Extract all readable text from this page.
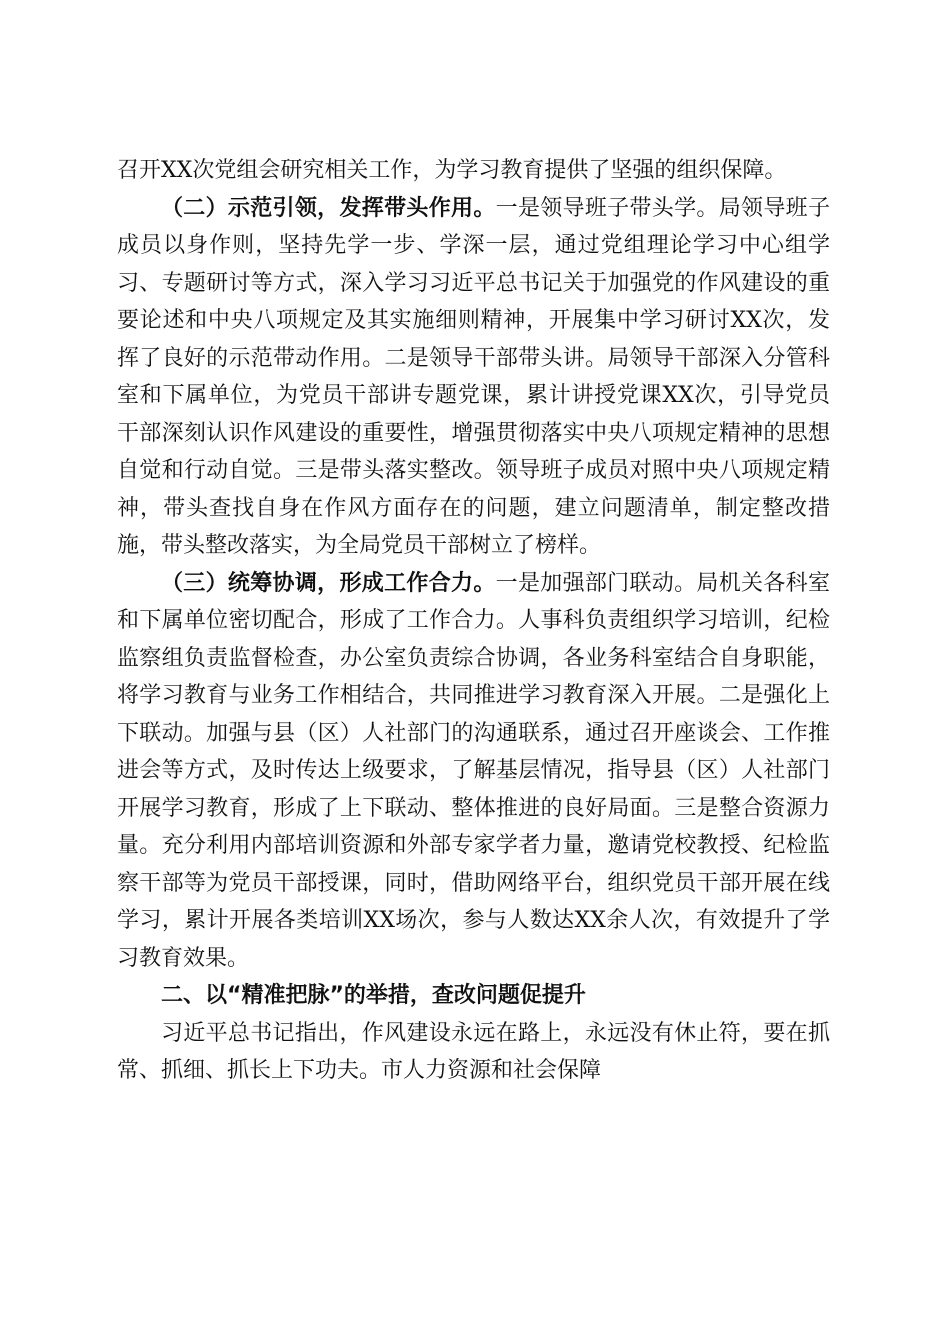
召开XX次党组会研究相关工作，为学习教育提供了坚强的组织保障。

（二）示范引领，发挥带头作用。一是领导班子带头学。局领导班子成员以身作则，坚持先学一步、学深一层，通过党组理论学习中心组学习、专题研讨等方式，深入学习习近平总书记关于加强党的作风建设的重要论述和中央八项规定及其实施细则精神，开展集中学习研讨XX次，发挥了良好的示范带动作用。二是领导干部带头讲。局领导干部深入分管科室和下属单位，为党员干部讲专题党课，累计讲授党课XX次，引导党员干部深刻认识作风建设的重要性，增强贯彻落实中央八项规定精神的思想自觉和行动自觉。三是带头落实整改。领导班子成员对照中央八项规定精神，带头查找自身在作风方面存在的问题，建立问题清单，制定整改措施，带头整改落实，为全局党员干部树立了榜样。

（三）统筹协调，形成工作合力。一是加强部门联动。局机关各科室和下属单位密切配合，形成了工作合力。人事科负责组织学习培训，纪检监察组负责监督检查，办公室负责综合协调，各业务科室结合自身职能，将学习教育与业务工作相结合，共同推进学习教育深入开展。二是强化上下联动。加强与县（区）人社部门的沟通联系，通过召开座谈会、工作推进会等方式，及时传达上级要求，了解基层情况，指导县（区）人社部门开展学习教育，形成了上下联动、整体推进的良好局面。三是整合资源力量。充分利用内部培训资源和外部专家学者力量，邀请党校教授、纪检监察干部等为党员干部授课，同时，借助网络平台，组织党员干部开展在线学习，累计开展各类培训XX场次，参与人数达XX余人次，有效提升了学习教育效果。

二、以“精准把脉”的举措，查改问题促提升

习近平总书记指出，作风建设永远在路上，永远没有休止符，要在抓常、抓细、抓长上下功夫。市人力资源和社会保障
